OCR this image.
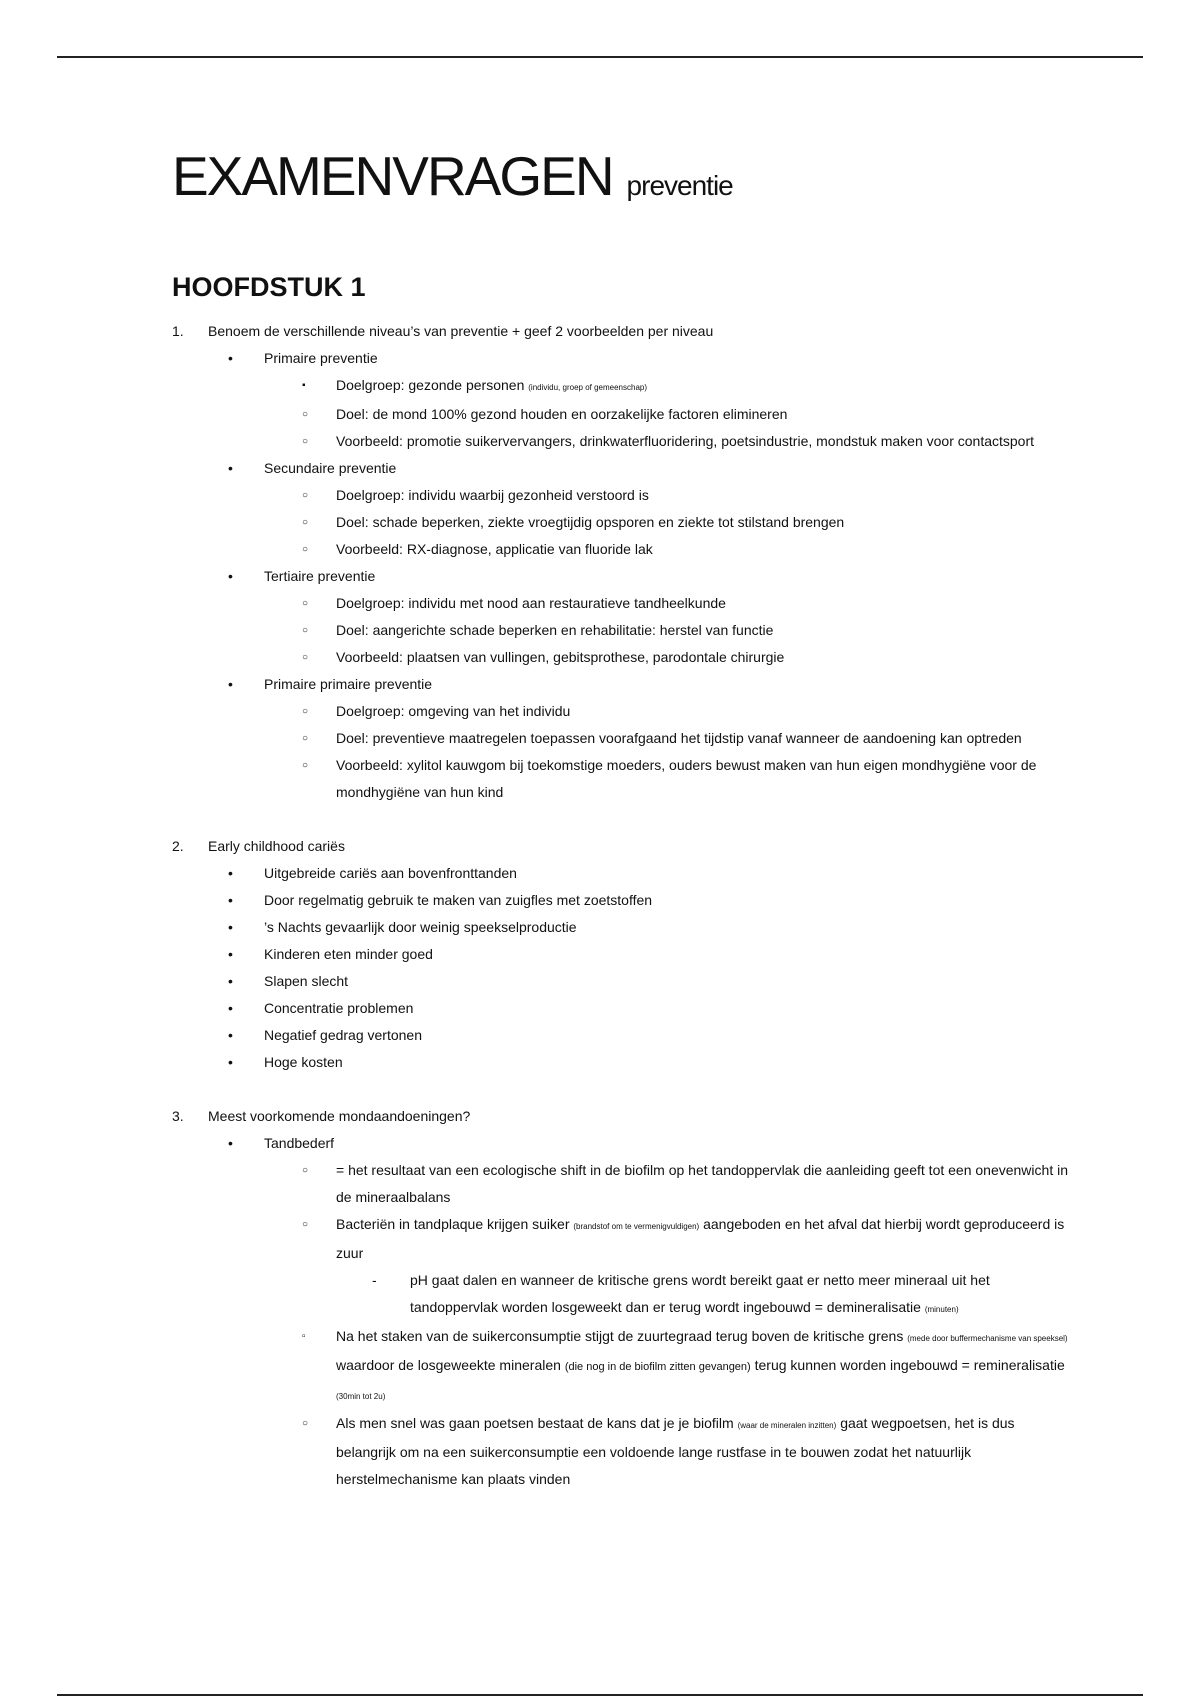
EXAMENVRAGEN preventie
HOOFDSTUK 1
1. Benoem de verschillende niveau’s van preventie + geef 2 voorbeelden per niveau
• Primaire preventie
▪ Doelgroep: gezonde personen (individu, groep of gemeenschap)
○ Doel: de mond 100% gezond houden en oorzakelijke factoren elimineren
○ Voorbeeld: promotie suikervervangers, drinkwaterfluoridering, poetsindustrie, mondstuk maken voor contactsport
• Secundaire preventie
○ Doelgroep: individu waarbij gezonheid verstoord is
○ Doel: schade beperken, ziekte vroegtijdig opsporen en ziekte tot stilstand brengen
○ Voorbeeld: RX-diagnose, applicatie van fluoride lak
• Tertiaire preventie
○ Doelgroep: individu met nood aan restauratieve tandheelkunde
○ Doel: aangerichte schade beperken en rehabilitatie: herstel van functie
○ Voorbeeld: plaatsen van vullingen, gebitsprothese, parodontale chirurgie
• Primaire primaire preventie
○ Doelgroep: omgeving van het individu
○ Doel: preventieve maatregelen toepassen voorafgaand het tijdstip vanaf wanneer de aandoening kan optreden
○ Voorbeeld: xylitol kauwgom bij toekomstige moeders, ouders bewust maken van hun eigen mondhygiëne voor de mondhygiëne van hun kind
2. Early childhood cariës
• Uitgebreide cariës aan bovenfronttanden
• Door regelmatig gebruik te maken van zuigfles met zoetstoffen
• ’s Nachts gevaarlijk door weinig speekselproductie
• Kinderen eten minder goed
• Slapen slecht
• Concentratie problemen
• Negatief gedrag vertonen
• Hoge kosten
3. Meest voorkomende mondaandoeningen?
• Tandbederf
○ = het resultaat van een ecologische shift in de biofilm op het tandoppervlak die aanleiding geeft tot een onevenwicht in de mineraalbalans
○ Bacteriën in tandplaque krijgen suiker (brandstof om te vermenigvuldigen) aangeboden en het afval dat hierbij wordt geproduceerd is zuur
- pH gaat dalen en wanneer de kritische grens wordt bereikt gaat er netto meer mineraal uit het tandoppervlak worden losgeweekt dan er terug wordt ingebouwd = demineralisatie (minuten)
▫ Na het staken van de suikerconsumptie stijgt de zuurtegraad terug boven de kritische grens (mede door buffermechanisme van speeksel) waardoor de losgeweekte mineralen (die nog in de biofilm zitten gevangen) terug kunnen worden ingebouwd = remineralisatie (30min tot 2u)
○ Als men snel was gaan poetsen bestaat de kans dat je je biofilm (waar de mineralen inzitten) gaat wegpoetsen, het is dus belangrijk om na een suikerconsumptie een voldoende lange rustfase in te bouwen zodat het natuurlijk herstelmechanisme kan plaats vinden
